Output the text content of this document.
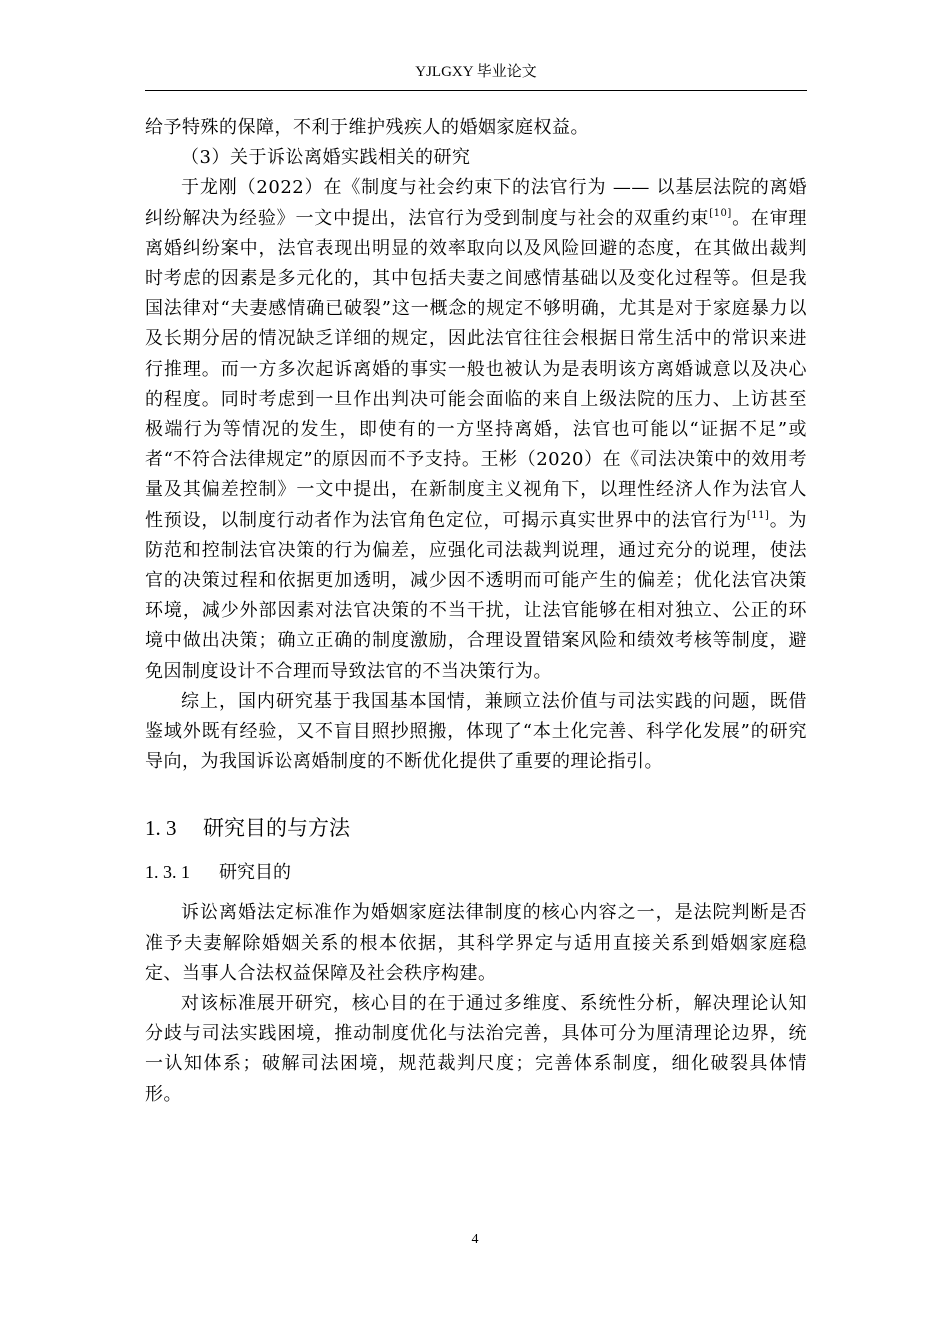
YJLGXY 毕业论文

给予特殊的保障，不利于维护残疾人的婚姻家庭权益。

（3）关于诉讼离婚实践相关的研究

于龙刚（2022）在《制度与社会约束下的法官行为 —— 以基层法院的离婚纠纷解决为经验》一文中提出，法官行为受到制度与社会的双重约束[10]。在审理离婚纠纷案中，法官表现出明显的效率取向以及风险回避的态度，在其做出裁判时考虑的因素是多元化的，其中包括夫妻之间感情基础以及变化过程等。但是我国法律对“夫妻感情确已破裂”这一概念的规定不够明确，尤其是对于家庭暴力以及长期分居的情况缺乏详细的规定，因此法官往往会根据日常生活中的常识来进行推理。而一方多次起诉离婚的事实一般也被认为是表明该方离婚诚意以及决心的程度。同时考虑到一旦作出判决可能会面临的来自上级法院的压力、上访甚至极端行为等情况的发生，即使有的一方坚持离婚，法官也可能以“证据不足”或者“不符合法律规定”的原因而不予支持。王彬（2020）在《司法决策中的效用考量及其偏差控制》一文中提出，在新制度主义视角下，以理性经济人作为法官人性预设，以制度行动者作为法官角色定位，可揭示真实世界中的法官行为[11]。为防范和控制法官决策的行为偏差，应强化司法裁判说理，通过充分的说理，使法官的决策过程和依据更加透明，减少因不透明而可能产生的偏差；优化法官决策环境，减少外部因素对法官决策的不当干扰，让法官能够在相对独立、公正的环境中做出决策；确立正确的制度激励，合理设置错案风险和绩效考核等制度，避免因制度设计不合理而导致法官的不当决策行为。

综上，国内研究基于我国基本国情，兼顾立法价值与司法实践的问题，既借鉴域外既有经验，又不盲目照抄照搬，体现了“本土化完善、科学化发展”的研究导向，为我国诉讼离婚制度的不断优化提供了重要的理论指引。

1. 3 研究目的与方法
1. 3. 1 研究目的

诉讼离婚法定标准作为婚姻家庭法律制度的核心内容之一，是法院判断是否准予夫妻解除婚姻关系的根本依据，其科学界定与适用直接关系到婚姻家庭稳定、当事人合法权益保障及社会秩序构建。

对该标准展开研究，核心目的在于通过多维度、系统性分析，解决理论认知分歧与司法实践困境，推动制度优化与法治完善，具体可分为厘清理论边界，统一认知体系；破解司法困境，规范裁判尺度；完善体系制度，细化破裂具体情形。

4
